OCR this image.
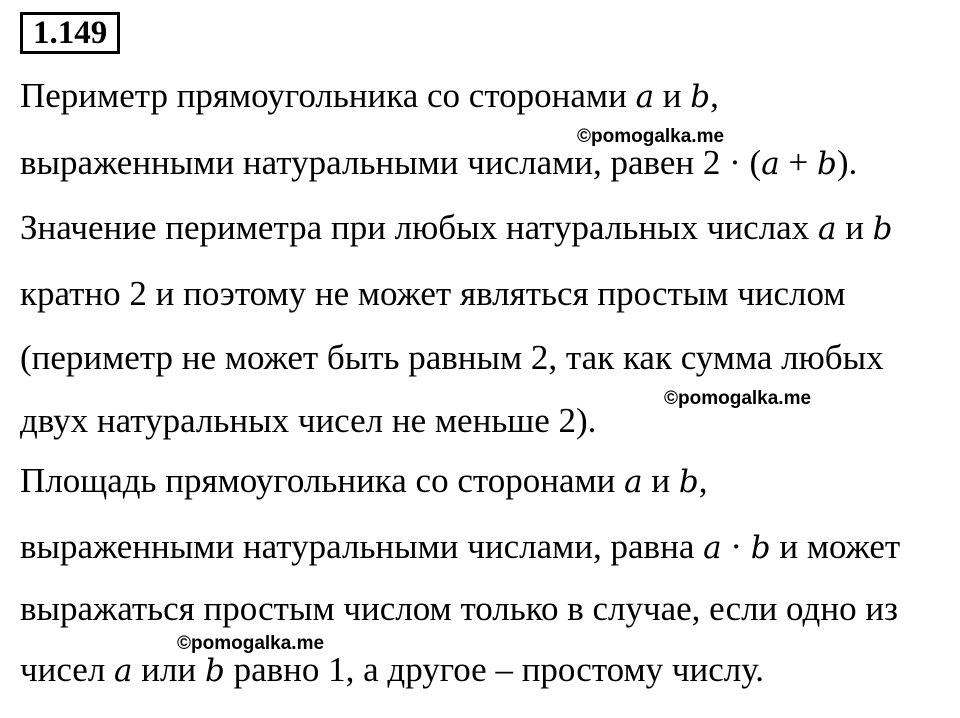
1.149
Периметр прямоугольника со сторонами a и b,
выраженными натуральными числами, равен 2 · (a + b).
Значение периметра при любых натуральных числах a и b
кратно 2 и поэтому не может являться простым числом
(периметр не может быть равным 2, так как сумма любых
двух натуральных чисел не меньше 2).
Площадь прямоугольника со сторонами a и b,
выраженными натуральными числами, равна a · b и может
выражаться простым числом только в случае, если одно из
чисел a или b равно 1, а другое – простому числу.
©pomogalka.me
©pomogalka.me
©pomogalka.me
